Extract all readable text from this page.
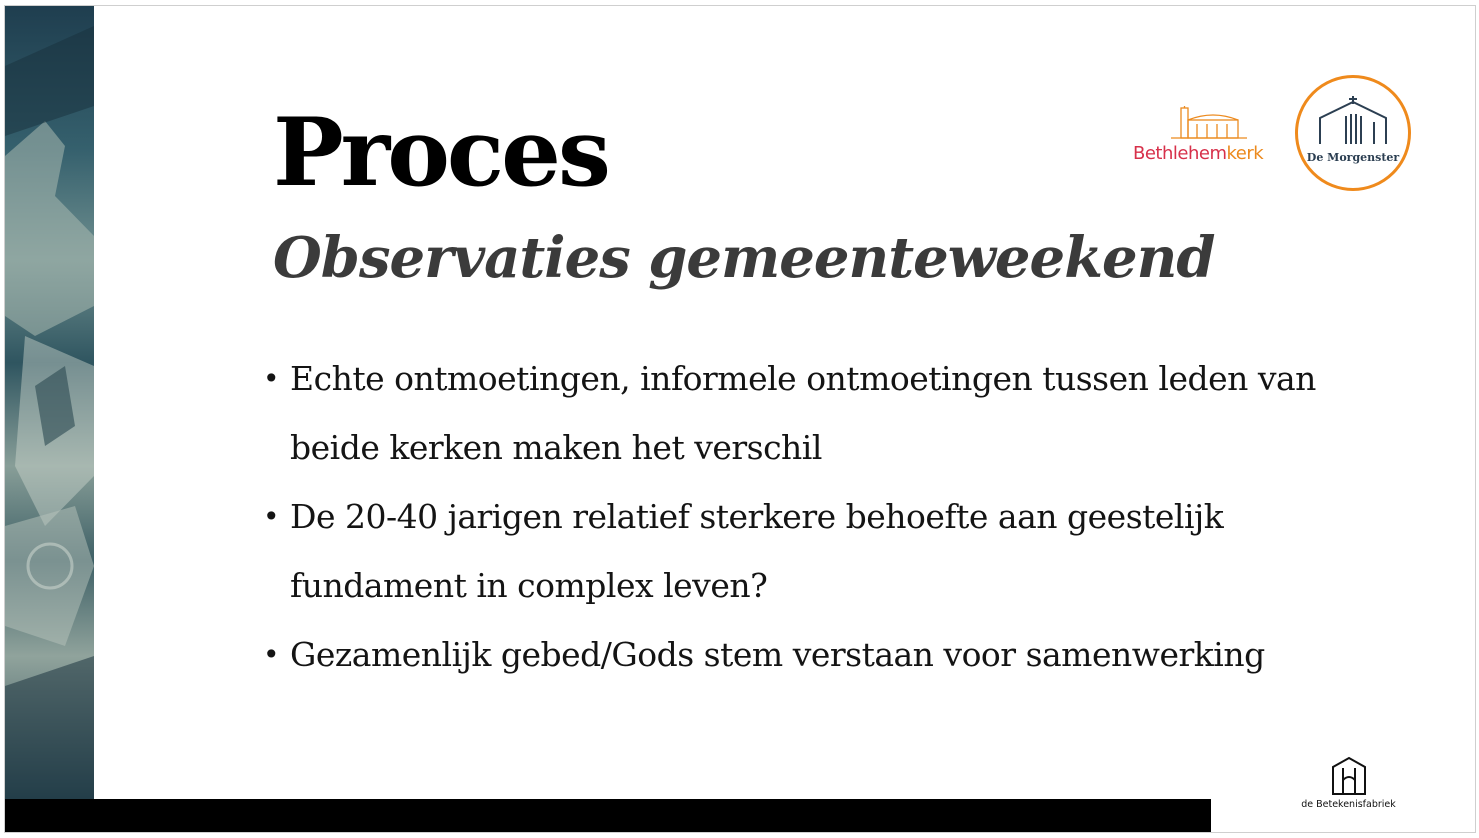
Proces
Observaties gemeenteweekend
• Echte ontmoetingen, informele ontmoetingen tussen leden van beide kerken maken het verschil
• De 20-40 jarigen relatief sterkere behoefte aan geestelijk fundament in complex leven?
• Gezamenlijk gebed/Gods stem verstaan voor samenwerking
Bethlehemkerk	De Morgenster
de Betekenisfabriek
